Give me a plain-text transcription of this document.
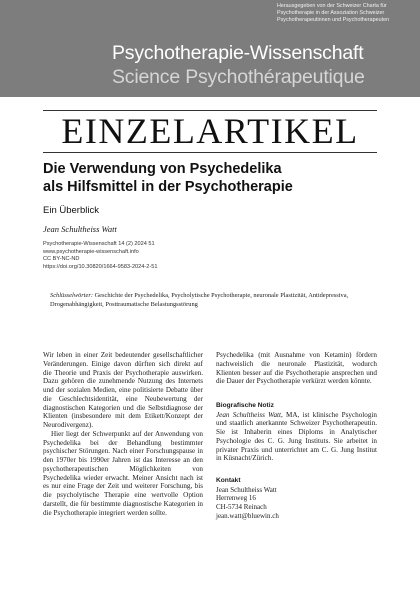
Herausgegeben von der Schweizer Charta für
Psychotherapie in der Assoziation Schweizer
Psychotherapeutinnen und Psychotherapeuten
Psychotherapie-Wissenschaft
Science Psychothérapeutique
EINZELARTIKEL
Die Verwendung von Psychedelika
als Hilfsmittel in der Psychotherapie
Ein Überblick
Jean Schultheiss Watt
Psychotherapie-Wissenschaft 14 (2) 2024 51
www.psychotherapie-wissenschaft.info
CC BY-NC-ND
https://doi.org/10.30820/1664-9583-2024-2-51
Schlüsselwörter: Geschichte der Psychedelika, Psycholytische Psychotherapie, neuronale Plastizität, Antidepressiva, Drogenabhängigkeit, Posttraumatische Belastungsstörung

Wir leben in einer Zeit bedeutender gesellschaftlicher Veränderungen. Einige davon dürften sich direkt auf die Theorie und Praxis der Psychotherapie auswirken. Dazu gehören die zunehmende Nutzung des Internets und der sozialen Medien, eine politisierte Debatte über die Geschlechtsidentität, eine Neubewertung der diagnostischen Kategorien und die Selbstdiagnose der Klienten (insbesondere mit dem Etikett/Konzept der Neurodivergenz).

Hier liegt der Schwerpunkt auf der Anwendung von Psychedelika bei der Behandlung bestimmter psychischer Störungen. Nach einer Forschungspause in den 1970er bis 1990er Jahren ist das Interesse an den psychotherapeutischen Möglichkeiten von Psychedelika wieder erwacht. Meiner Ansicht nach ist es nur eine Frage der Zeit und weiterer Forschung, bis die psycholytische Therapie eine wertvolle Option darstellt, die für bestimmte diagnostische Kategorien in die Psychotherapie integriert werden sollte.

Psychedelika (mit Ausnahme von Ketamin) fördern nachweislich die neuronale Plastizität, wodurch Klienten besser auf die Psychotherapie ansprechen und die Dauer der Psychotherapie verkürzt werden könnte.

Biografische Notiz
Jean Schultheiss Watt, MA, ist klinische Psychologin und staatlich anerkannte Schweizer Psychotherapeutin. Sie ist Inhaberin eines Diploms in Analytischer Psychologie des C. G. Jung Instituts. Sie arbeitet in privater Praxis und unterrichtet am C. G. Jung Institut in Küsnacht/Zürich.
Kontakt
Jean Schultheiss Watt
Herrenweg 16
CH-5734 Reinach
jean.watt@bluewin.ch
